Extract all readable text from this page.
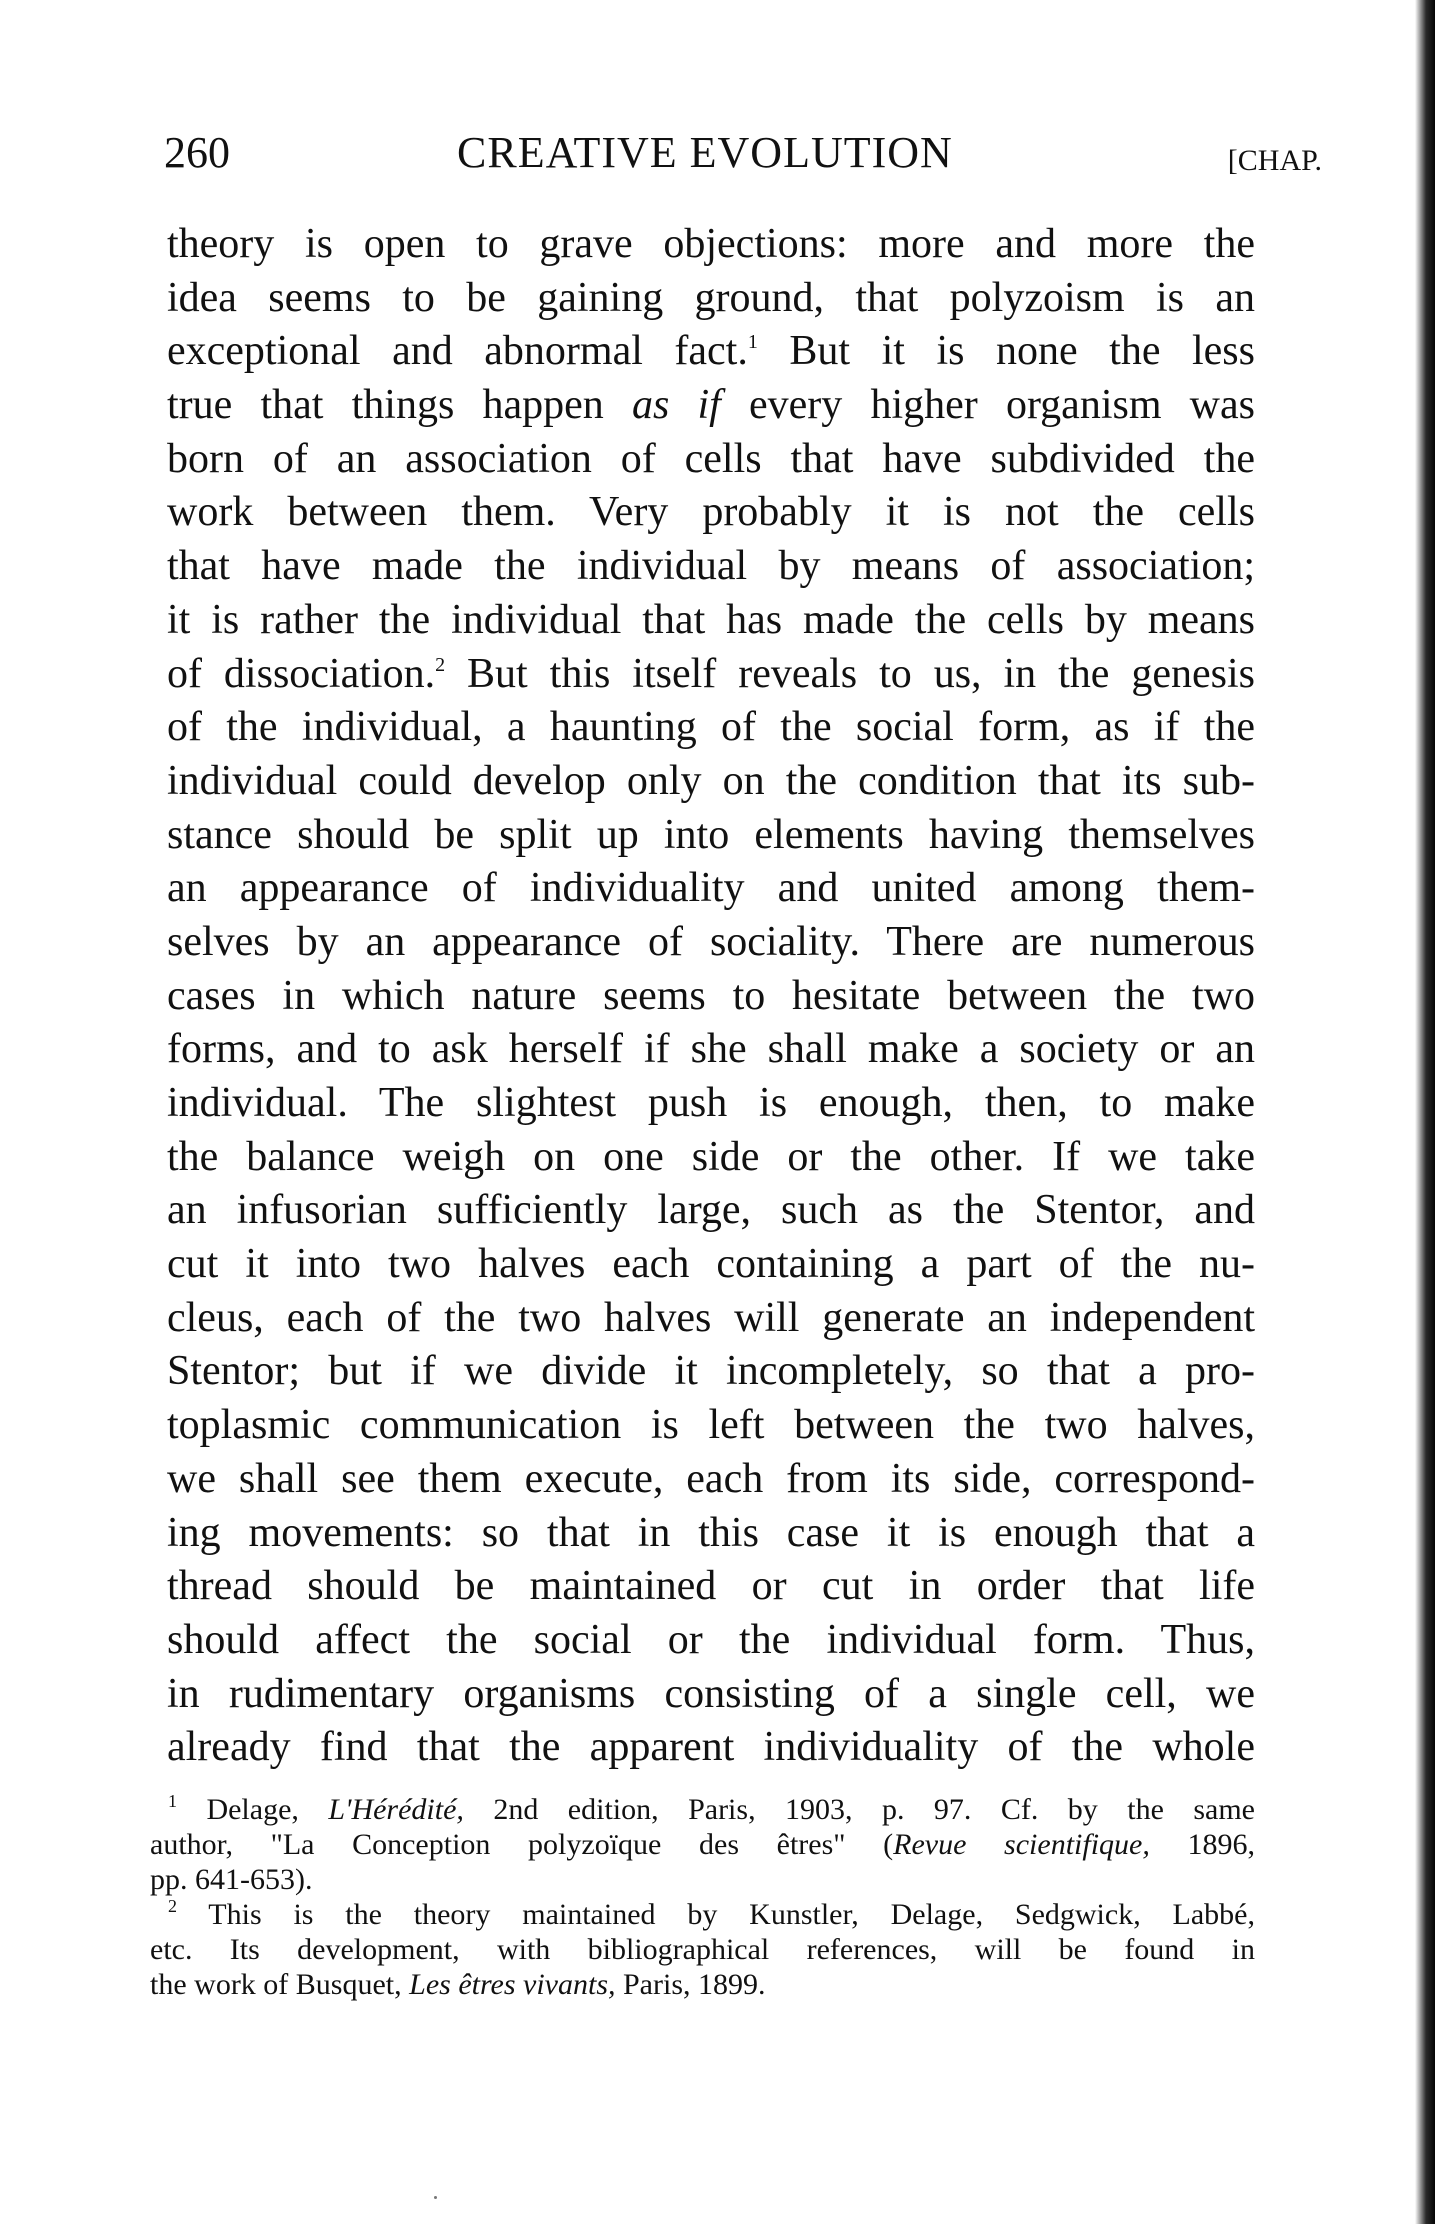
260	CREATIVE EVOLUTION	[CHAP.
theory is open to grave objections: more and more the
idea seems to be gaining ground, that polyzoism is an
exceptional and abnormal fact.$^1$ But it is none the less
true that things happen as if every higher organism was
born of an association of cells that have subdivided the
work between them. Very probably it is not the cells
that have made the individual by means of association;
it is rather the individual that has made the cells by means
of dissociation.$^2$ But this itself reveals to us, in the genesis
of the individual, a haunting of the social form, as if the
individual could develop only on the condition that its sub-
stance should be split up into elements having themselves
an appearance of individuality and united among them-
selves by an appearance of sociality. There are numerous
cases in which nature seems to hesitate between the two
forms, and to ask herself if she shall make a society or an
individual. The slightest push is enough, then, to make
the balance weigh on one side or the other. If we take
an infusorian sufficiently large, such as the Stentor, and
cut it into two halves each containing a part of the nu-
cleus, each of the two halves will generate an independent
Stentor; but if we divide it incompletely, so that a pro-
toplasmic communication is left between the two halves,
we shall see them execute, each from its side, correspond-
ing movements: so that in this case it is enough that a
thread should be maintained or cut in order that life
should affect the social or the individual form. Thus,
in rudimentary organisms consisting of a single cell, we
already find that the apparent individuality of the whole
$^1$ Delage, L'Hérédité, 2nd edition, Paris, 1903, p. 97. Cf. by the same
author, "La Conception polyzoïque des êtres" (Revue scientifique, 1896,
pp. 641-653).
$^2$ This is the theory maintained by Kunstler, Delage, Sedgwick, Labbé,
etc. Its development, with bibliographical references, will be found in
the work of Busquet, Les êtres vivants, Paris, 1899.
